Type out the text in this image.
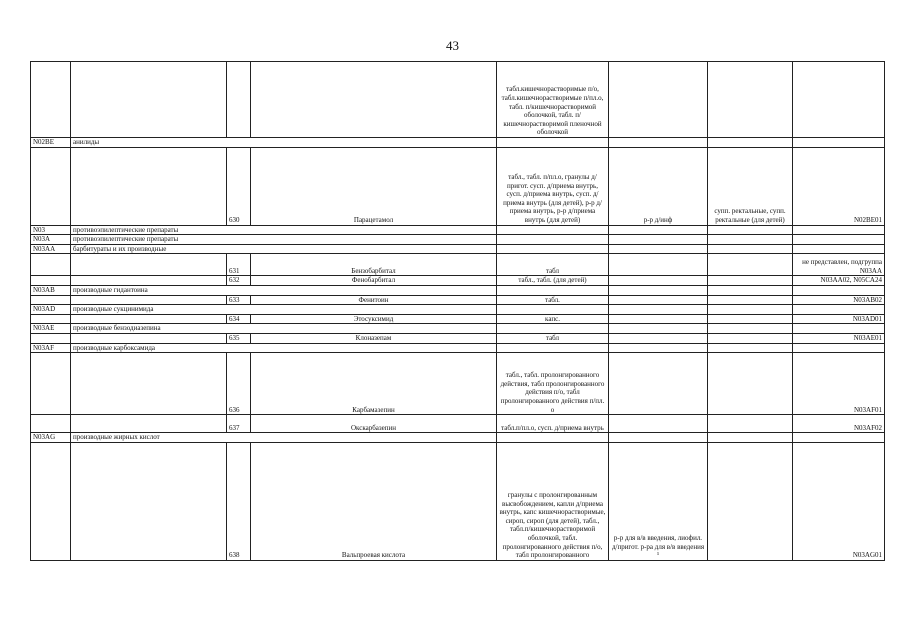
43
				табл.кишечнорастворимые п/о, табл.кишечнорастворимые п/пл.о, табл. п/кишечнорастворимой оболочкой, табл. п/кишечнорастворимой пленочной оболочкой			
N02BE	анилиды						
		630	Парацетамол	табл., табл. п/пл.о, гранулы д/пригот. сусп. д/приема внутрь, сусп. д/приема внутрь, сусп. д/приема внутрь (для детей), р-р д/приема внутрь, р-р д/приема внутрь (для детей)	р-р д/инф	супп. ректальные, супп. ректальные (для детей)	N02BE01
N03	противоэпилептические препараты						
N03A	противоэпилептические препараты						
N03AA	барбитураты и их производные						
		631	Бензобарбитал	табл			не представлен, подгруппа N03AA
		632	Фенобарбитал	табл., табл. (для детей)			N03AA02, N05CA24
N03AB	производные гидантоина						
		633	Фенитоин	табл.			N03AB02
N03AD	производные сукцинимида						
		634	Этосуксимид	капс.			N03AD01
N03AE	производные бензодиазепина						
		635	Клоназепам	табл			N03AE01
N03AF	производные карбоксамида						
		636	Карбамазепин	табл., табл. пролонгированного действия, табл пролонгированного действия п/о, табл пролонгированного действия п/пл. о			N03AF01
		637	Окскарбазепин	табл.п/пл.о, сусп. д/приема внутрь			N03AF02
N03AG	производные жирных кислот						
		638	Вальпроевая кислота	гранулы с пролонгированным высвобождением, капли д/приема внутрь, капс кишечнорастворимые, сироп, сироп (для детей), табл., табл.п/кишечнорастворимой оболочкой, табл. пролонгированного действия п/о, табл пролонгированного	р-р для в/в введения, лиофил. д/пригот. р-ра для в/в введения ¹		N03AG01
